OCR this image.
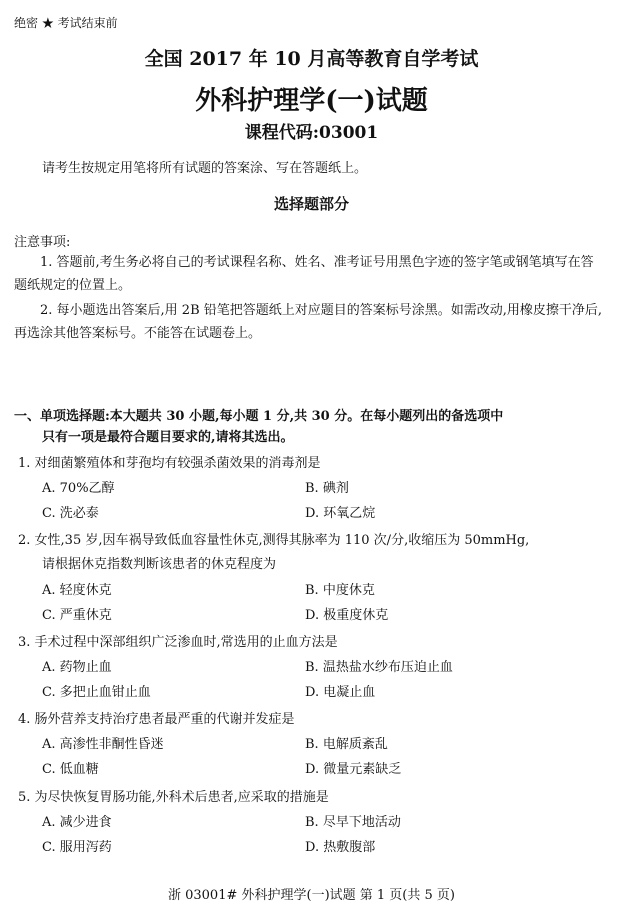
绝密 ★ 考试结束前
全国 2017 年 10 月高等教育自学考试
外科护理学(一)试题
课程代码:03001
请考生按规定用笔将所有试题的答案涂、写在答题纸上。
选择题部分
注意事项:
1. 答题前,考生务必将自己的考试课程名称、姓名、准考证号用黑色字迹的签字笔或钢笔填写在答题纸规定的位置上。
2. 每小题选出答案后,用 2B 铅笔把答题纸上对应题目的答案标号涂黑。如需改动,用橡皮擦干净后,再选涂其他答案标号。不能答在试题卷上。
一、单项选择题:本大题共 30 小题,每小题 1 分,共 30 分。在每小题列出的备选项中
只有一项是最符合题目要求的,请将其选出。
1. 对细菌繁殖体和芽孢均有较强杀菌效果的消毒剂是
A. 70%乙醇	B. 碘剂
C. 洗必泰	D. 环氧乙烷
2. 女性,35 岁,因车祸导致低血容量性休克,测得其脉率为 110 次/分,收缩压为 50mmHg,
请根据休克指数判断该患者的休克程度为
A. 轻度休克	B. 中度休克
C. 严重休克	D. 极重度休克
3. 手术过程中深部组织广泛渗血时,常选用的止血方法是
A. 药物止血	B. 温热盐水纱布压迫止血
C. 多把止血钳止血	D. 电凝止血
4. 肠外营养支持治疗患者最严重的代谢并发症是
A. 高渗性非酮性昏迷	B. 电解质紊乱
C. 低血糖	D. 微量元素缺乏
5. 为尽快恢复胃肠功能,外科术后患者,应采取的措施是
A. 减少进食	B. 尽早下地活动
C. 服用泻药	D. 热敷腹部
浙 03001# 外科护理学(一)试题 第 1 页(共 5 页)
